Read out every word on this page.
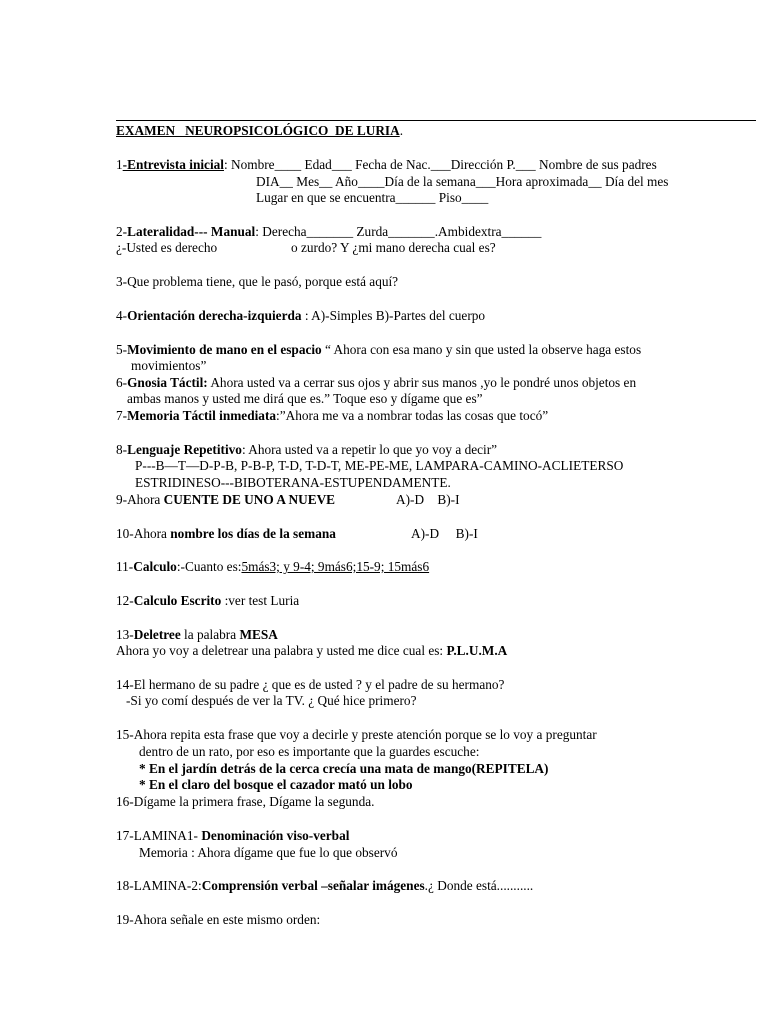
EXAMEN   NEUROPSICOLÓGICO  DE LURIA.
1-Entrevista inicial: Nombre____ Edad___ Fecha de Nac.___Dirección P.___ Nombre de sus padres
DIA__ Mes__ Año____Día de la semana___Hora aproximada__ Día del mes
Lugar en que se encuentra______ Piso____
2-Lateralidad--- Manual: Derecha_______ Zurda_______.Ambidextra______
¿-Usted es derecho	o zurdo? Y ¿mi mano derecha cual es?
3-Que problema tiene, que le pasó, porque está aquí?
4-Orientación derecha-izquierda : A)-Simples B)-Partes del cuerpo
5-Movimiento de mano en el espacio “ Ahora con esa mano y sin que usted la observe haga estos
movimientos”
6-Gnosia Táctil: Ahora usted va a cerrar sus ojos y abrir sus manos ,yo le pondré unos objetos en
ambas manos y usted me dirá que es.” Toque eso y dígame que es”
7-Memoria Táctil inmediata:”Ahora me va a nombrar todas las cosas que tocó”
8-Lenguaje Repetitivo: Ahora usted va a repetir lo que yo voy a decir”
P---B—T—D-P-B, P-B-P, T-D, T-D-T, ME-PE-ME, LAMPARA-CAMINO-ACLIETERSO
ESTRIDINESO---BIBOTERANA-ESTUPENDAMENTE.
9-Ahora CUENTE DE UNO A NUEVE	A)-D    B)-I
10-Ahora nombre los días de la semana	A)-D     B)-I
11-Calculo:-Cuanto es:5más3; y 9-4; 9más6;15-9; 15más6
12-Calculo Escrito :ver test Luria
13-Deletree la palabra MESA
Ahora yo voy a deletrear una palabra y usted me dice cual es: P.L.U.M.A
14-El hermano de su padre ¿ que es de usted ? y el padre de su hermano?
-Si yo comí después de ver la TV. ¿ Qué hice primero?
15-Ahora repita esta frase que voy a decirle y preste atención porque se lo voy a preguntar
dentro de un rato, por eso es importante que la guardes escuche:
* En el jardín detrás de la cerca crecía una mata de mango(REPITELA)
* En el claro del bosque el cazador mató un lobo
16-Dígame la primera frase, Dígame la segunda.
17-LAMINA1- Denominación viso-verbal
Memoria : Ahora dígame que fue lo que observó
18-LAMINA-2:Comprensión verbal –señalar imágenes.¿ Donde está...........
19-Ahora señale en este mismo orden:
